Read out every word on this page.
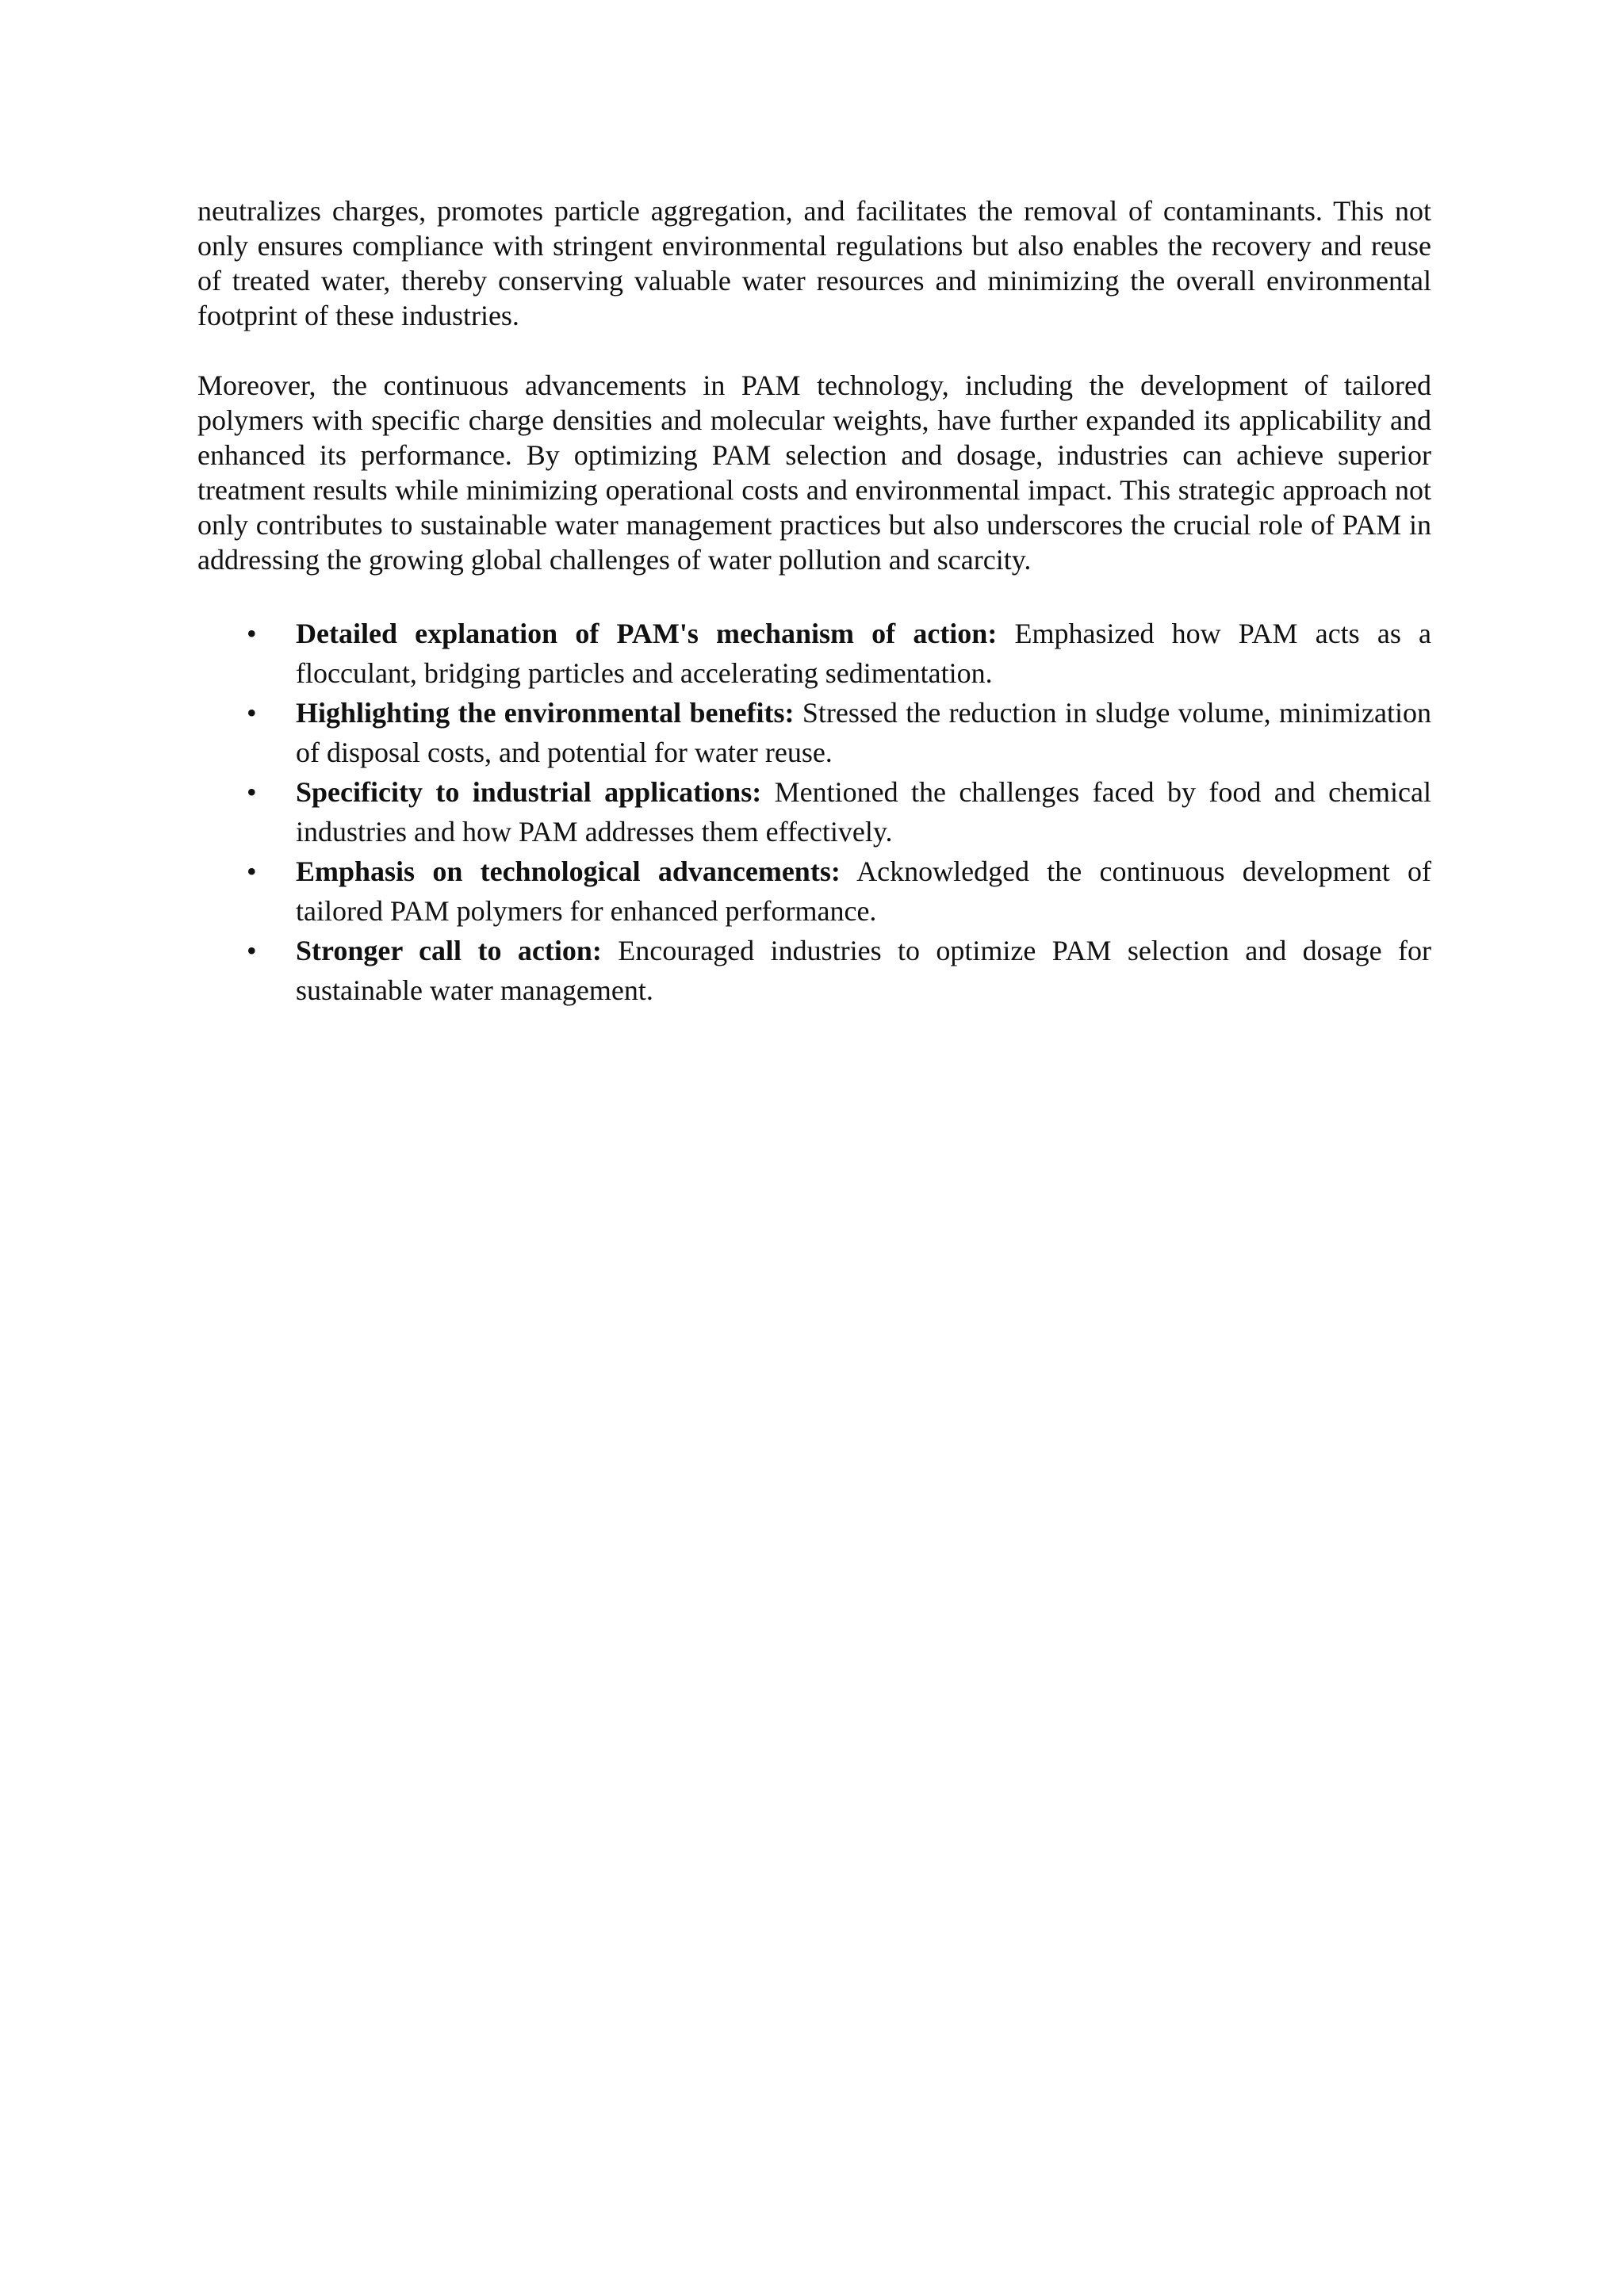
neutralizes charges, promotes particle aggregation, and facilitates the removal of contaminants. This not only ensures compliance with stringent environmental regulations but also enables the recovery and reuse of treated water, thereby conserving valuable water resources and minimizing the overall environmental footprint of these industries.

Moreover, the continuous advancements in PAM technology, including the development of tailored polymers with specific charge densities and molecular weights, have further expanded its applicability and enhanced its performance. By optimizing PAM selection and dosage, industries can achieve superior treatment results while minimizing operational costs and environmental impact. This strategic approach not only contributes to sustainable water management practices but also underscores the crucial role of PAM in addressing the growing global challenges of water pollution and scarcity.

• Detailed explanation of PAM's mechanism of action: Emphasized how PAM acts as a flocculant, bridging particles and accelerating sedimentation.
• Highlighting the environmental benefits: Stressed the reduction in sludge volume, minimization of disposal costs, and potential for water reuse.
• Specificity to industrial applications: Mentioned the challenges faced by food and chemical industries and how PAM addresses them effectively.
• Emphasis on technological advancements: Acknowledged the continuous development of tailored PAM polymers for enhanced performance.
• Stronger call to action: Encouraged industries to optimize PAM selection and dosage for sustainable water management.
